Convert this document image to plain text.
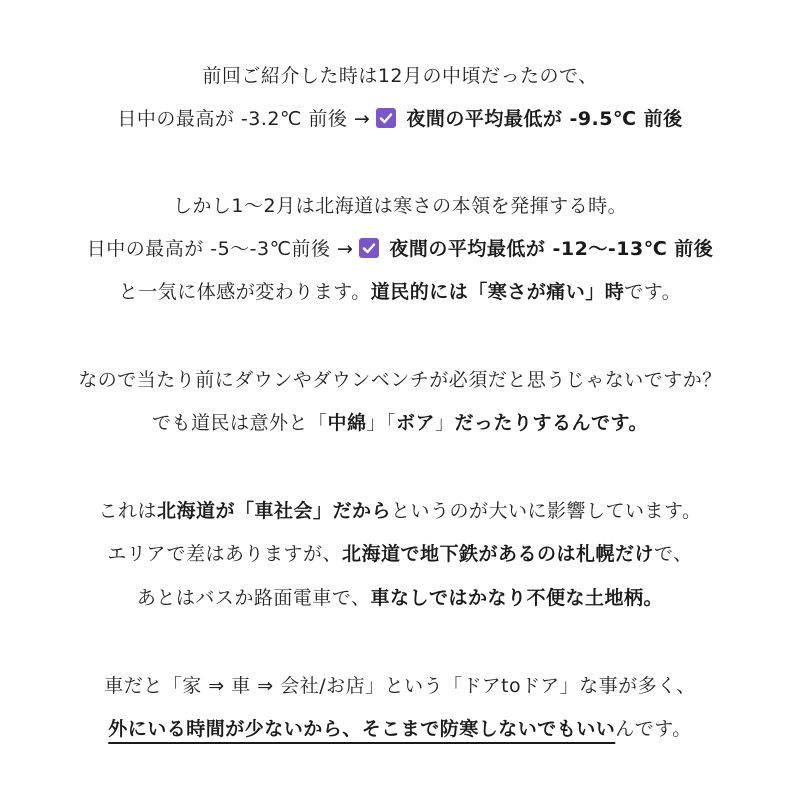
前回ご紹介した時は12月の中頃だったので、
日中の最高が -3.2℃ 前後 → 夜間の平均最低が -9.5℃ 前後
しかし1〜2月は北海道は寒さの本領を発揮する時。
日中の最高が -5〜-3℃前後 → 夜間の平均最低が -12〜-13℃ 前後
と一気に体感が変わります。道民的には「寒さが痛い」時です。
なので当たり前にダウンやダウンベンチが必須だと思うじゃないですか？
でも道民は意外と「中綿」「ボア」だったりするんです。
これは北海道が「車社会」だからというのが大いに影響しています。
エリアで差はありますが、北海道で地下鉄があるのは札幌だけで、
あとはバスか路面電車で、車なしではかなり不便な土地柄。
車だと「家 ⇒ 車 ⇒ 会社/お店」という「ドアtoドア」な事が多く、
外にいる時間が少ないから、そこまで防寒しないでもいいんです。
